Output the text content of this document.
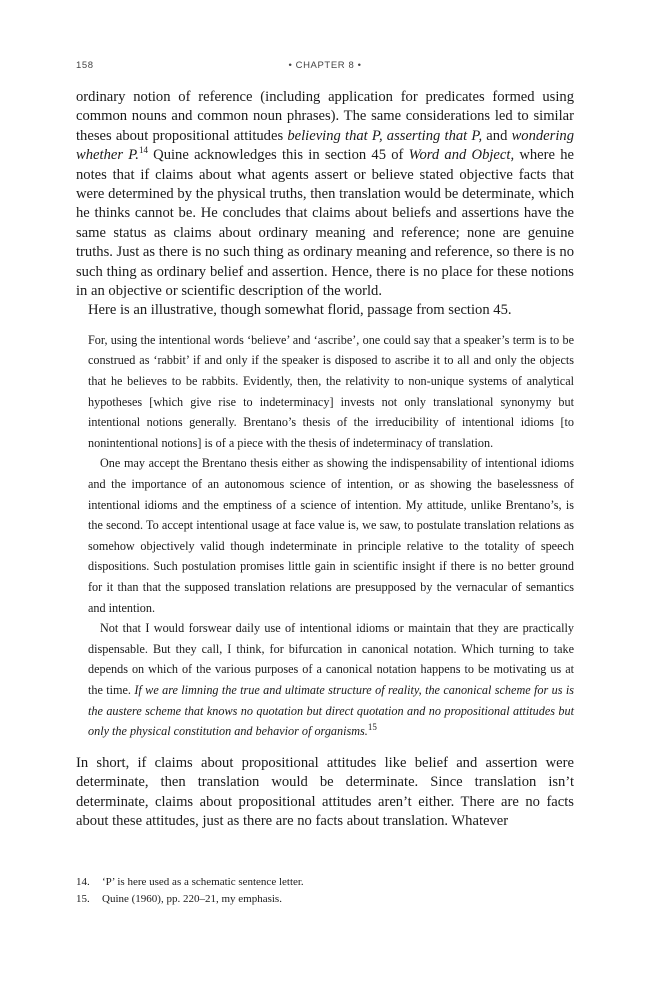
158	• CHAPTER 8 •

ordinary notion of reference (including application for predicates formed using common nouns and common noun phrases). The same considerations led to similar theses about propositional attitudes believing that P, asserting that P, and wondering whether P.$^{14}$ Quine acknowledges this in section 45 of Word and Object, where he notes that if claims about what agents assert or believe stated objective facts that were determined by the physical truths, then translation would be determinate, which he thinks cannot be. He concludes that claims about beliefs and assertions have the same status as claims about ordinary meaning and reference; none are genuine truths. Just as there is no such thing as ordinary meaning and reference, so there is no such thing as ordinary belief and assertion. Hence, there is no place for these notions in an objective or scientific description of the world.

Here is an illustrative, though somewhat florid, passage from section 45.

For, using the intentional words ‘believe’ and ‘ascribe’, one could say that a speaker’s term is to be construed as ‘rabbit’ if and only if the speaker is disposed to ascribe it to all and only the objects that he believes to be rabbits. Evidently, then, the relativity to non-unique systems of analytical hypotheses [which give rise to indeterminacy] invests not only translational synonymy but intentional notions generally. Brentano’s thesis of the irreducibility of intentional idioms [to nonintentional notions] is of a piece with the thesis of indeterminacy of translation.

One may accept the Brentano thesis either as showing the indispensability of intentional idioms and the importance of an autonomous science of intention, or as showing the baselessness of intentional idioms and the emptiness of a science of intention. My attitude, unlike Brentano’s, is the second. To accept intentional usage at face value is, we saw, to postulate translation relations as somehow objectively valid though indeterminate in principle relative to the totality of speech dispositions. Such postulation promises little gain in scientific insight if there is no better ground for it than that the supposed translation relations are presupposed by the vernacular of semantics and intention.

Not that I would forswear daily use of intentional idioms or maintain that they are practically dispensable. But they call, I think, for bifurcation in canonical notation. Which turning to take depends on which of the various purposes of a canonical notation happens to be motivating us at the time. If we are limning the true and ultimate structure of reality, the canonical scheme for us is the austere scheme that knows no quotation but direct quotation and no propositional attitudes but only the physical constitution and behavior of organisms.$^{15}$

In short, if claims about propositional attitudes like belief and assertion were determinate, then translation would be determinate. Since translation isn’t determinate, claims about propositional attitudes aren’t either. There are no facts about these attitudes, just as there are no facts about translation. Whatever

14. ‘P’ is here used as a schematic sentence letter.

15. Quine (1960), pp. 220–21, my emphasis.
